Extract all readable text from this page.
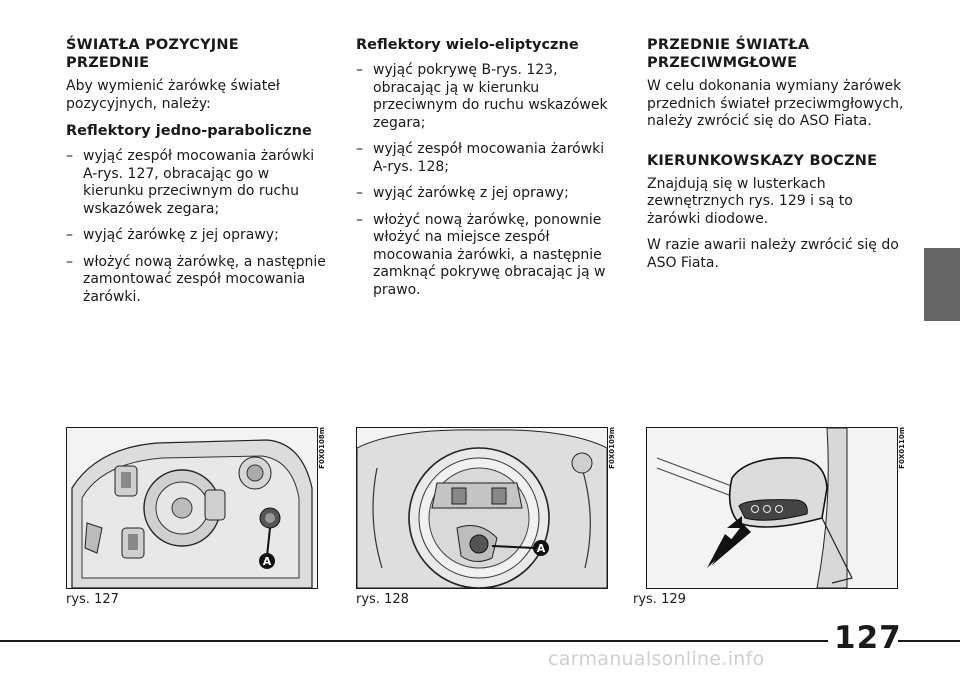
ŚWIATŁA POZYCYJNE
PRZEDNIE

Aby wymienić żarówkę świateł pozycyjnych, należy:

Reflektory jedno-paraboliczne
– wyjąć zespół mocowania żarówki A-rys. 127, obracając go w kierunku przeciwnym do ruchu wskazówek zegara;
– wyjąć żarówkę z jej oprawy;
– włożyć nową żarówkę, a następnie zamontować zespół mocowania żarówki.
Reflektory wielo-eliptyczne
– wyjąć pokrywę B-rys. 123, obracając ją w kierunku przeciwnym do ruchu wskazówek zegara;
– wyjąć zespół mocowania żarówki A-rys. 128;
– wyjąć żarówkę z jej oprawy;
– włożyć nową żarówkę, ponownie włożyć na miejsce zespół mocowania żarówki, a następnie zamknąć pokrywę obracając ją w prawo.
PRZEDNIE ŚWIATŁA
PRZECIWMGŁOWE

W celu dokonania wymiany żarówek przednich świateł przeciwmgłowych, należy zwrócić się do ASO Fiata.

KIERUNKOWSKAZY BOCZNE

Znajdują się w lusterkach zewnętrznych rys. 129 i są to żarówki diodowe.

W razie awarii należy zwrócić się do ASO Fiata.

A
F0X0108m
rys. 127
A
F0X0109m
rys. 128
F0X0110m
rys. 129
127
carmanualsonline.info
